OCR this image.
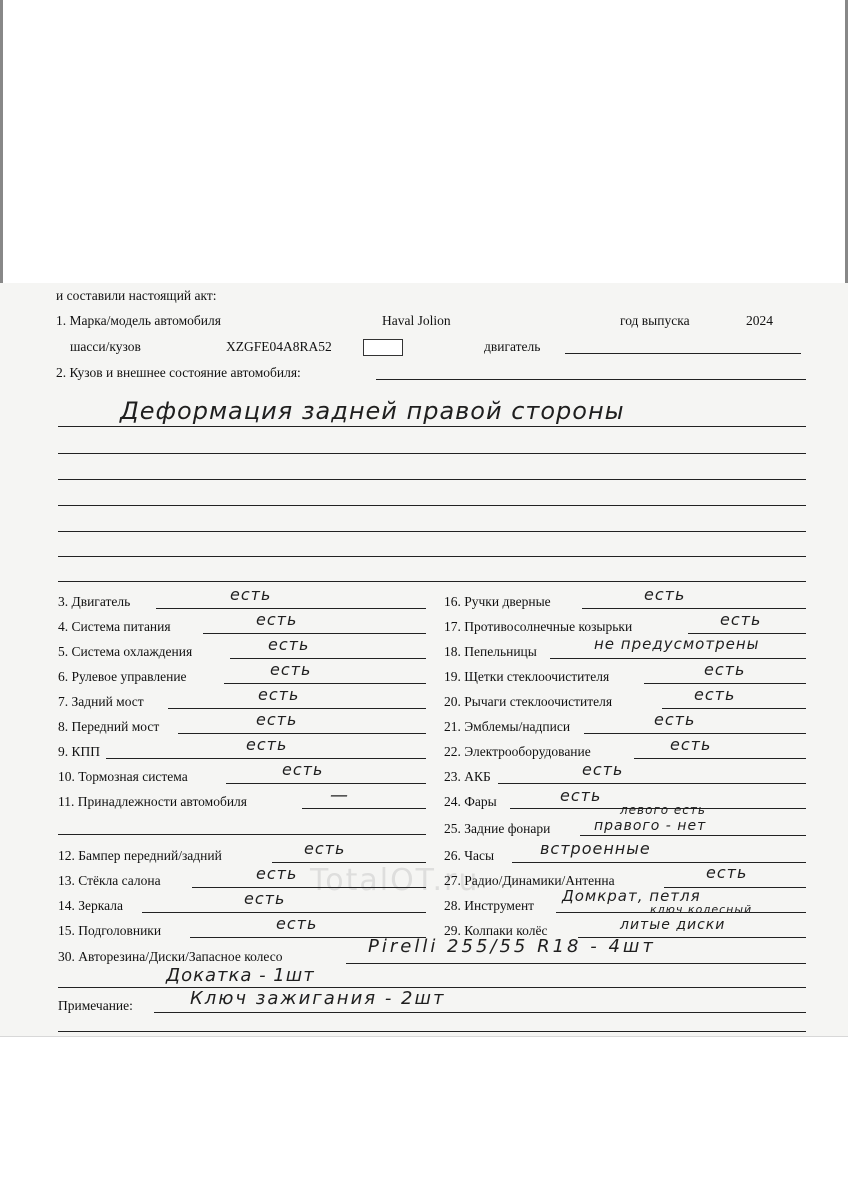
TotalOT.ru
и составили настоящий акт:
1. Марка/модель автомобиля	Haval Jolion	год выпуска	2024
шасси/кузов	XZGFE04A8RA52	двигатель
2. Кузов и внешнее состояние автомобиля:
Деформация задней правой стороны
3. Двигатель	есть
4. Система питания	есть
5. Система охлаждения	есть
6. Рулевое управление	есть
7. Задний мост	есть
8. Передний мост	есть
9. КПП	есть
10. Тормозная система	есть
11. Принадлежности автомобиля	—
12. Бампер передний/задний	есть
13. Стёкла салона	есть
14. Зеркала	есть
15. Подголовники	есть
16. Ручки дверные	есть
17. Противосолнечные козырьки	есть
18. Пепельницы	не предусмотрены
19. Щетки стеклоочистителя	есть
20. Рычаги стеклоочистителя	есть
21. Эмблемы/надписи	есть
22. Электрооборудование	есть
23. АКБ	есть
24. Фары	есть
25. Задние фонари
левого есть
правого - нет
26. Часы	встроенные
27. Радио/Динамики/Антенна	есть
28. Инструмент
Домкрат, петля
ключ колесный
29. Колпаки колёс	литые диски
30. Авторезина/Диски/Запасное колесо	Pirelli 255/55 R18 - 4шт
Докатка - 1шт
Примечание:	Ключ зажигания - 2шт
